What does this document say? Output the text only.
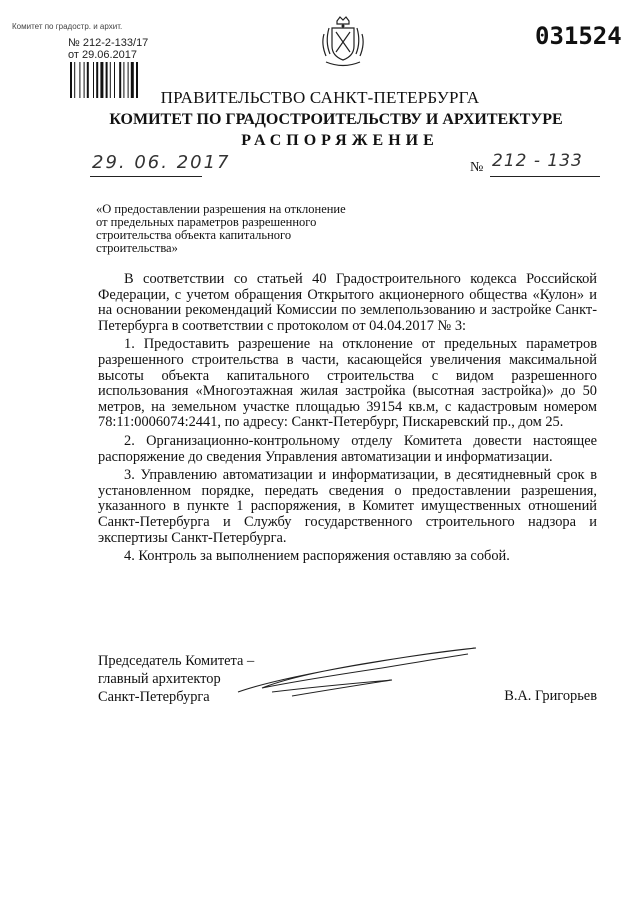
Комитет по градостр. и архит.
№ 212-2-133/17
от 29.06.2017
031524
ПРАВИТЕЛЬСТВО САНКТ-ПЕТЕРБУРГА
КОМИТЕТ ПО ГРАДОСТРОИТЕЛЬСТВУ И АРХИТЕКТУРЕ
РАСПОРЯЖЕНИЕ
29. 06. 2017	№ 212 - 133
«О предоставлении разрешения на отклонение
от предельных параметров разрешенного
строительства объекта капитального
строительства»

В соответствии со статьей 40 Градостроительного кодекса Российской Федерации, с учетом обращения Открытого акционерного общества «Кулон» и на основании рекомендаций Комиссии по землепользованию и застройке Санкт-Петербурга в соответствии с протоколом от 04.04.2017 № 3:

1. Предоставить разрешение на отклонение от предельных параметров разрешенного строительства в части, касающейся увеличения максимальной высоты объекта капитального строительства с видом разрешенного использования «Многоэтажная жилая застройка (высотная застройка)» до 50 метров, на земельном участке площадью 39154 кв.м, с кадастровым номером 78:11:0006074:2441, по адресу: Санкт-Петербург, Пискаревский пр., дом 25.

2. Организационно-контрольному отделу Комитета довести настоящее распоряжение до сведения Управления автоматизации и информатизации.

3. Управлению автоматизации и информатизации, в десятидневный срок в установленном порядке, передать сведения о предоставлении разрешения, указанного в пункте 1 распоряжения, в Комитет имущественных отношений Санкт-Петербурга и Службу государственного строительного надзора и экспертизы Санкт-Петербурга.

4. Контроль за выполнением распоряжения оставляю за собой.

Председатель Комитета –
главный архитектор
Санкт-Петербурга	В.А. Григорьев
